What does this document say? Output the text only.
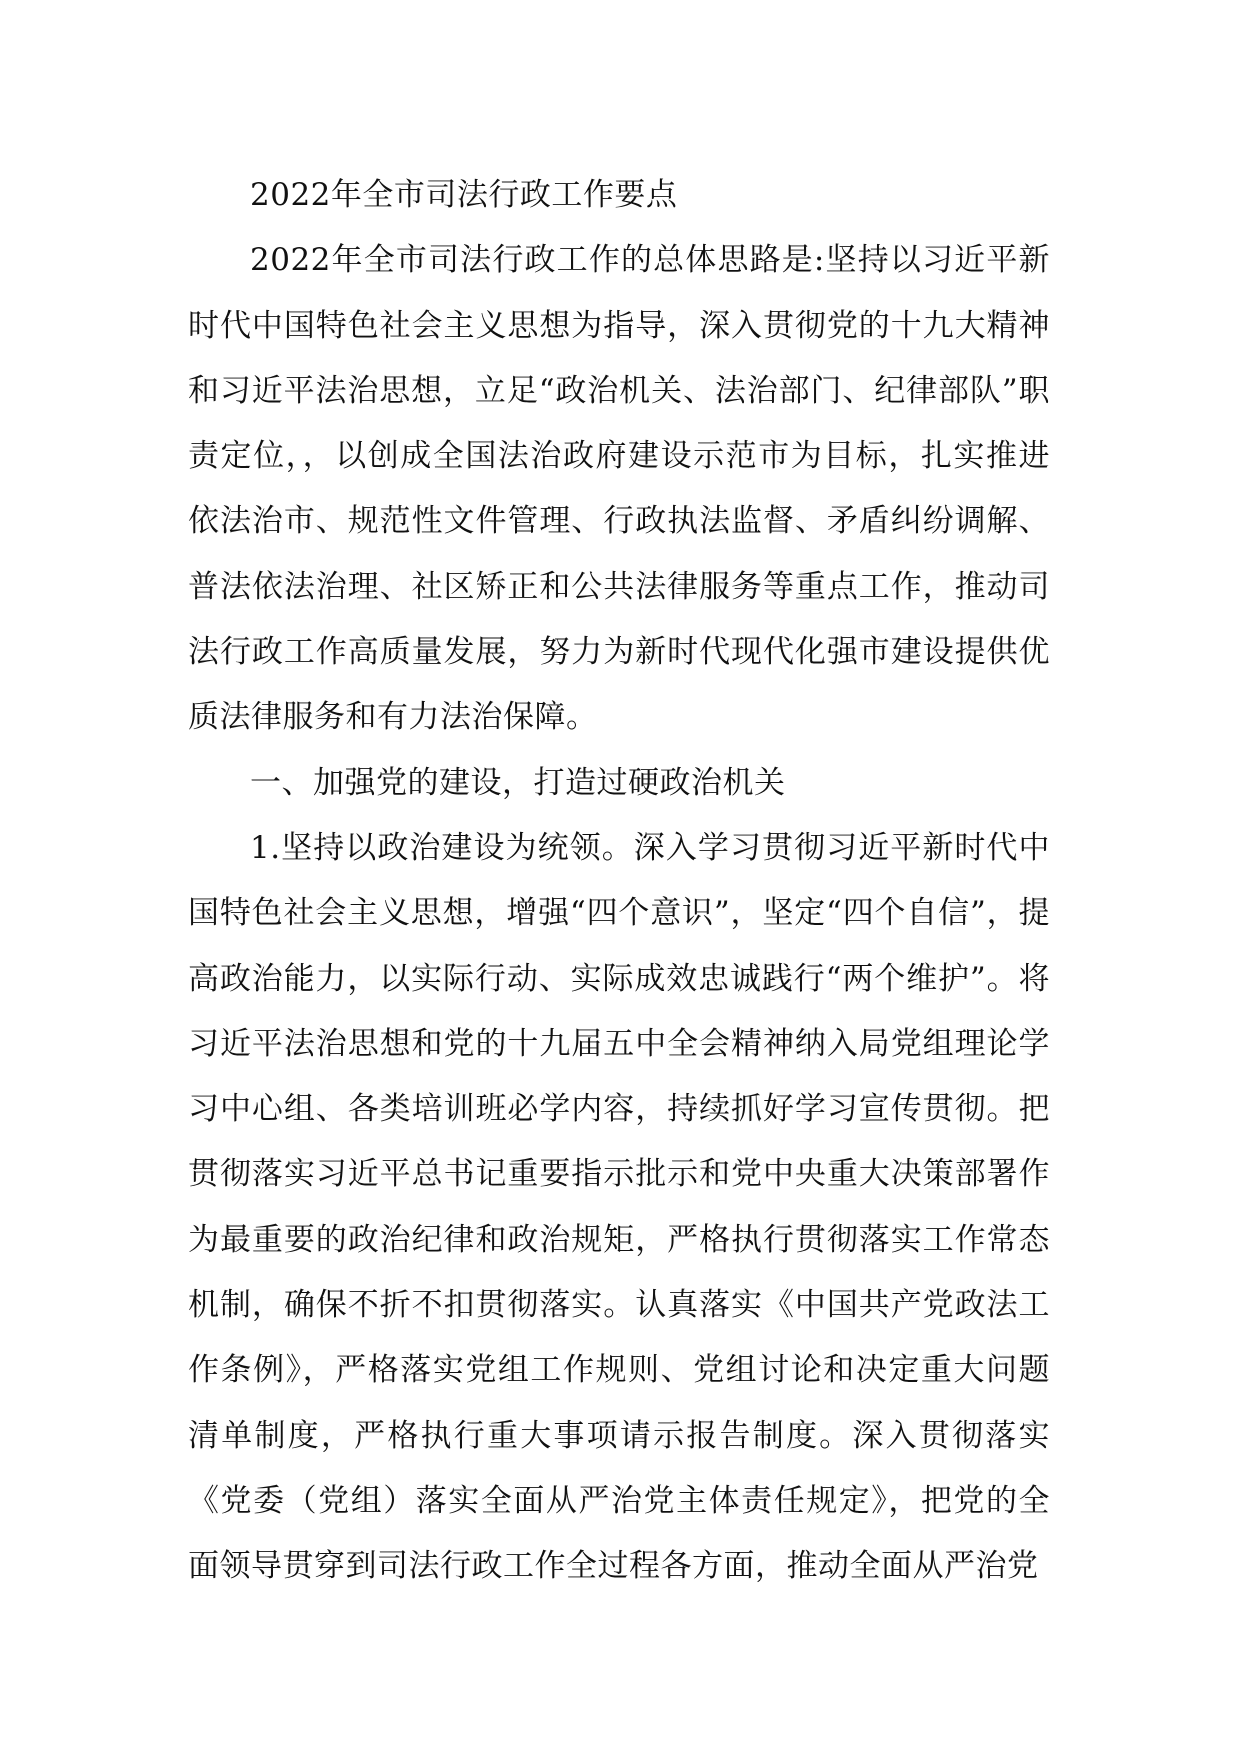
2022年全市司法行政工作要点

2022年全市司法行政工作的总体思路是:坚持以习近平新时代中国特色社会主义思想为指导，深入贯彻党的十九大精神和习近平法治思想，立足“政治机关、法治部门、纪律部队”职责定位，，以创成全国法治政府建设示范市为目标，扎实推进依法治市、规范性文件管理、行政执法监督、矛盾纠纷调解、普法依法治理、社区矫正和公共法律服务等重点工作，推动司法行政工作高质量发展，努力为新时代现代化强市建设提供优质法律服务和有力法治保障。

一、加强党的建设，打造过硬政治机关

1.坚持以政治建设为统领。深入学习贯彻习近平新时代中国特色社会主义思想，增强“四个意识”，坚定“四个自信”，提高政治能力，以实际行动、实际成效忠诚践行“两个维护”。将习近平法治思想和党的十九届五中全会精神纳入局党组理论学习中心组、各类培训班必学内容，持续抓好学习宣传贯彻。把贯彻落实习近平总书记重要指示批示和党中央重大决策部署作为最重要的政治纪律和政治规矩，严格执行贯彻落实工作常态机制，确保不折不扣贯彻落实。认真落实《中国共产党政法工作条例》，严格落实党组工作规则、党组讨论和决定重大问题清单制度，严格执行重大事项请示报告制度。深入贯彻落实《党委（党组）落实全面从严治党主体责任规定》，把党的全面领导贯穿到司法行政工作全过程各方面，推动全面从严治党
